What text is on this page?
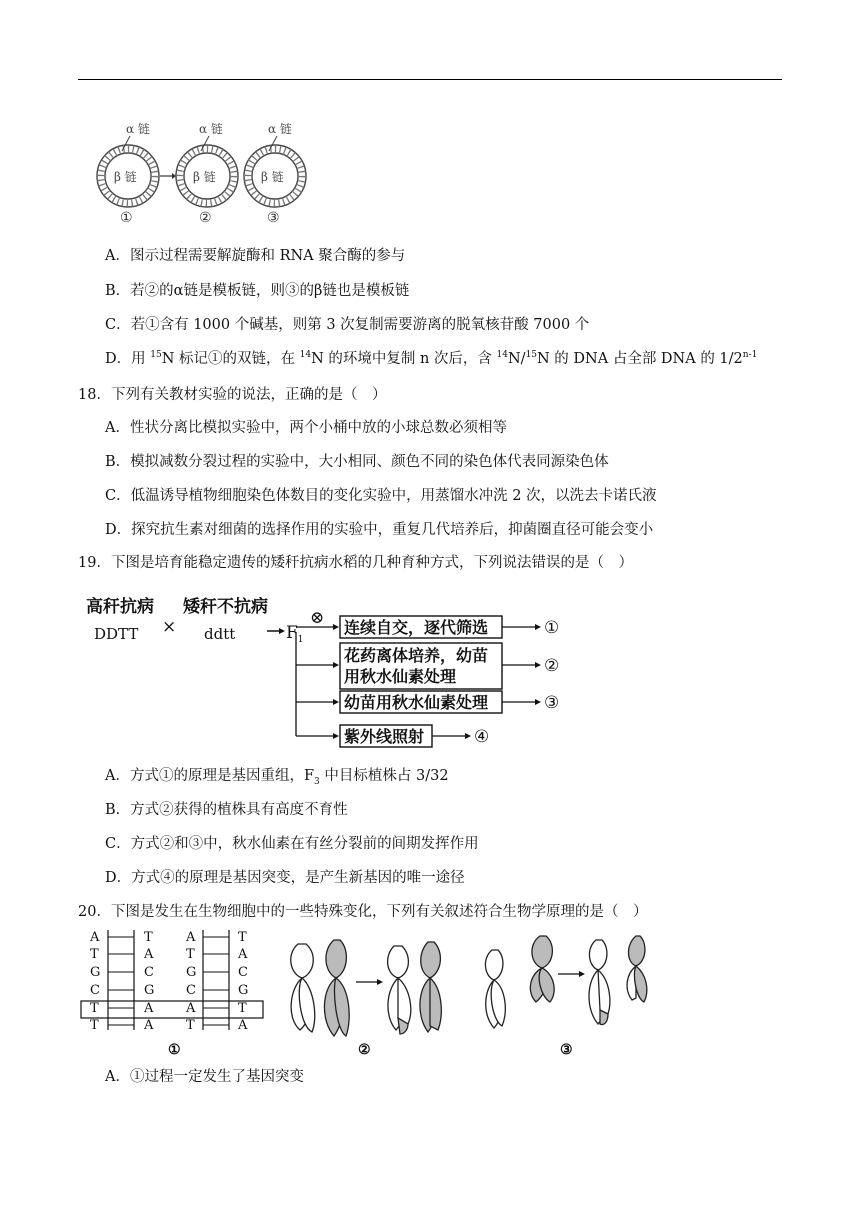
α 链	α 链	α 链
β 链	β 链	β 链
①	②	③
A．图示过程需要解旋酶和 RNA 聚合酶的参与
B．若②的α链是模板链，则③的β链也是模板链
C．若①含有 1000 个碱基，则第 3 次复制需要游离的脱氧核苷酸 7000 个
D．用 $^{15}$N 标记①的双链，在 $^{14}$N 的环境中复制 n 次后，含 $^{14}$N/$^{15}$N 的 DNA 占全部 DNA 的 1/2$^{n-1}$
18．下列有关教材实验的说法，正确的是（　）
A．性状分离比模拟实验中，两个小桶中放的小球总数必须相等
B．模拟减数分裂过程的实验中，大小相同、颜色不同的染色体代表同源染色体
C．低温诱导植物细胞染色体数目的变化实验中，用蒸馏水冲洗 2 次，以洗去卡诺氏液
D．探究抗生素对细菌的选择作用的实验中，重复几代培养后，抑菌圈直径可能会变小
19．下图是培育能稳定遗传的矮秆抗病水稻的几种育种方式，下列说法错误的是（　）
高秆抗病
DDTT ×
矮秆不抗病
ddtt	$F_1$
⊗ 连续自交，逐代筛选	①
花药离体培养，幼苗
用秋水仙素处理
②
幼苗用秋水仙素处理	③
紫外线照射	④
A．方式①的原理是基因重组，$F_3$ 中目标植株占 3/32
B．方式②获得的植株具有高度不育性
C．方式②和③中，秋水仙素在有丝分裂前的间期发挥作用
D．方式④的原理是基因突变，是产生新基因的唯一途径
20．下图是发生在生物细胞中的一些特殊变化，下列有关叙述符合生物学原理的是（　）
A
T
G
C
T
T
T
A
C
G
A
A
A
T
G
C
A
T
T
A
C
G
T
A
①	②	③
A．①过程一定发生了基因突变
